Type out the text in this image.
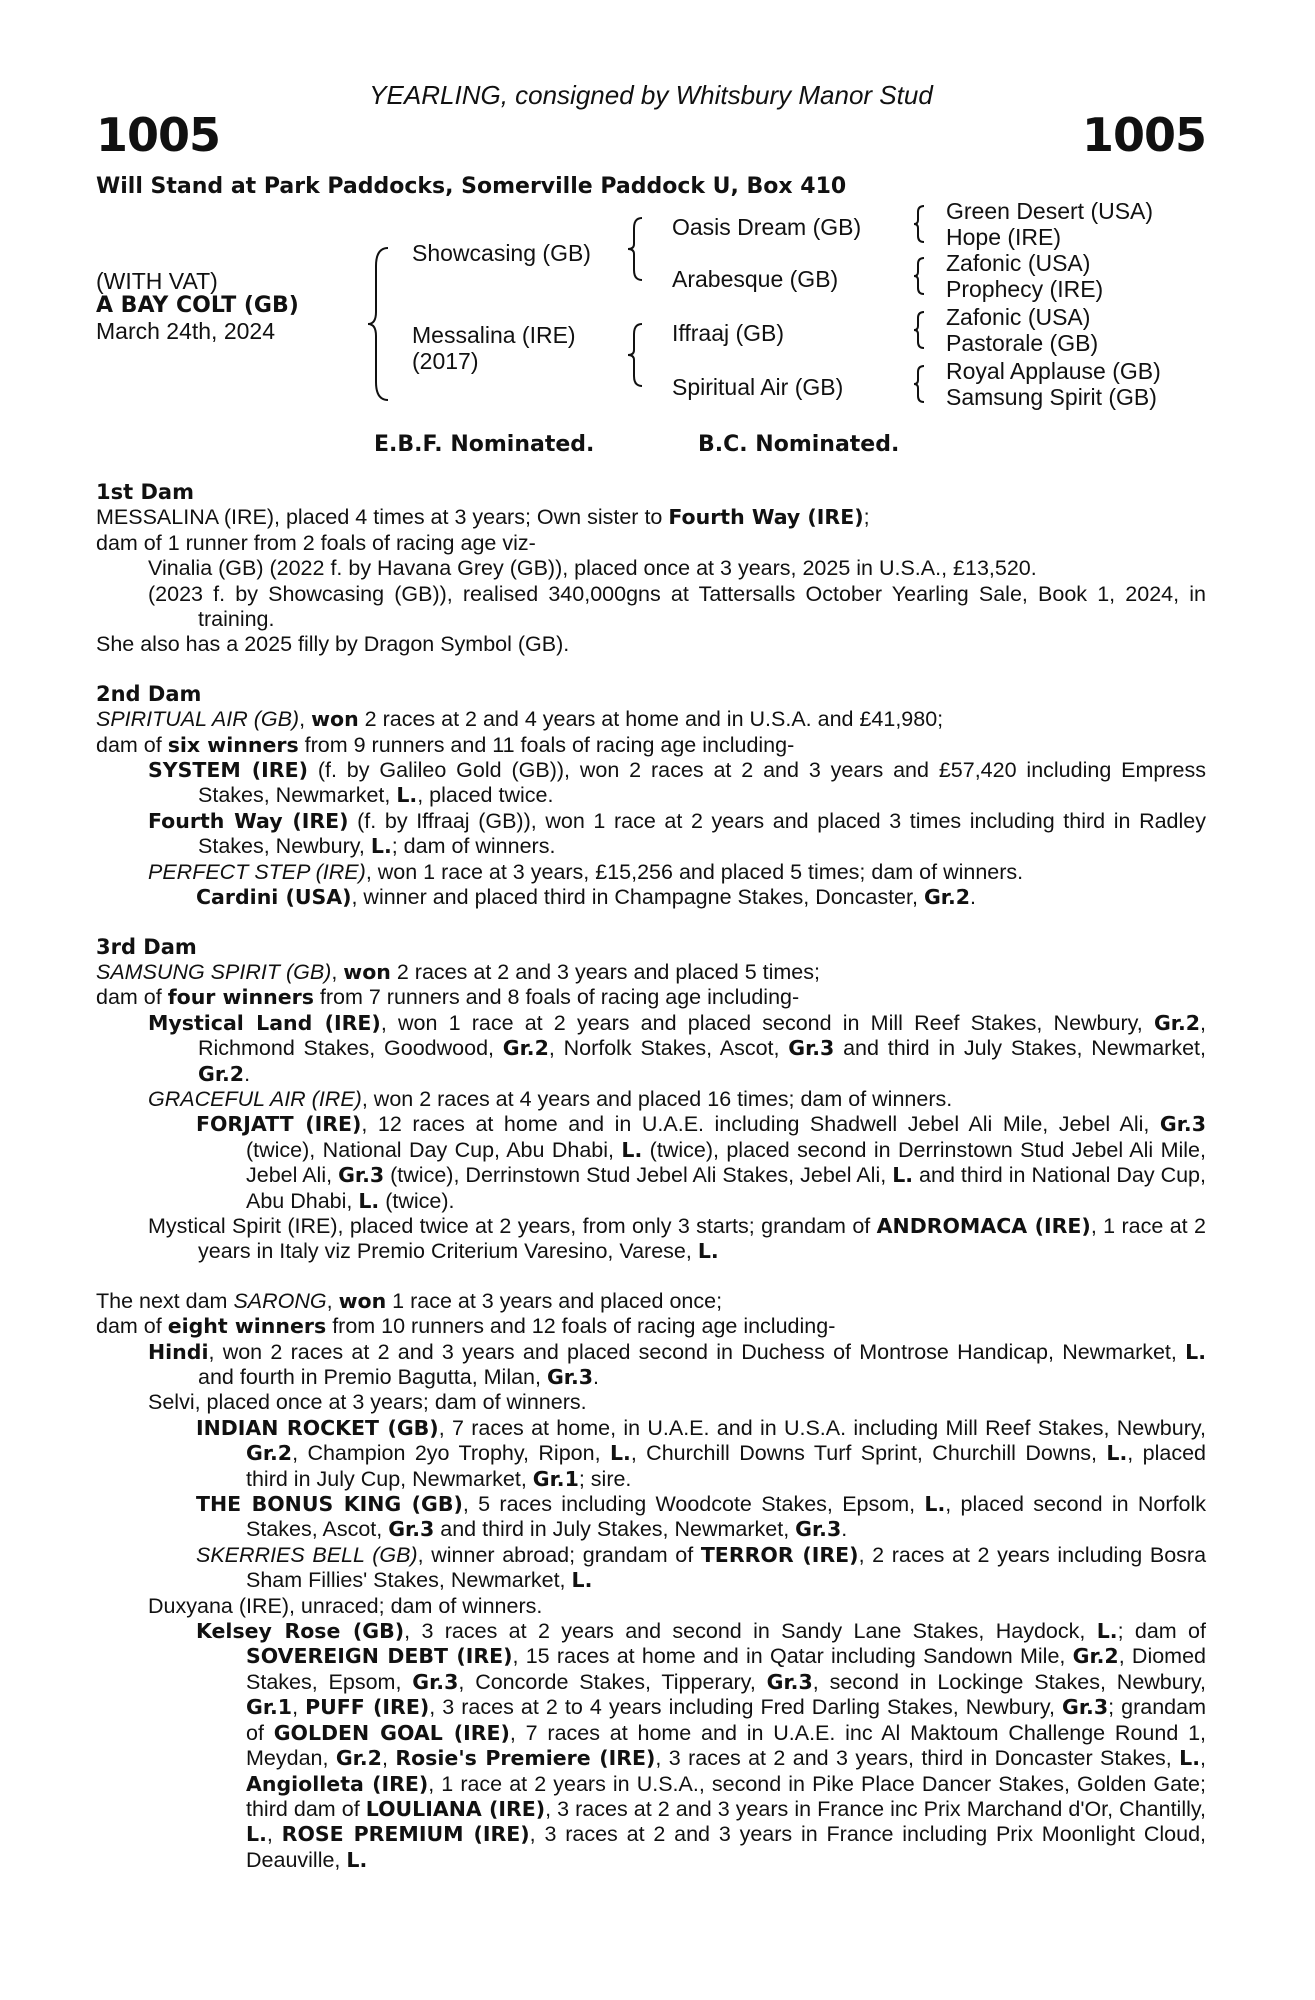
YEARLING, consigned by Whitsbury Manor Stud
1005	1005
Will Stand at Park Paddocks, Somerville Paddock U, Box 410
(WITH VAT)
A BAY COLT (GB)
March 24th, 2024
Showcasing (GB)
Messalina (IRE)
(2017)
Oasis Dream (GB)
Arabesque (GB)
Iffraaj (GB)
Spiritual Air (GB)
Green Desert (USA)
Hope (IRE)
Zafonic (USA)
Prophecy (IRE)
Zafonic (USA)
Pastorale (GB)
Royal Applause (GB)
Samsung Spirit (GB)
E.B.F. Nominated.	B.C. Nominated.

1st Dam

MESSALINA (IRE), placed 4 times at 3 years; Own sister to Fourth Way (IRE);

dam of 1 runner from 2 foals of racing age viz-

Vinalia (GB) (2022 f. by Havana Grey (GB)), placed once at 3 years, 2025 in U.S.A., £13,520.

(2023 f. by Showcasing (GB)), realised 340,000gns at Tattersalls October Yearling Sale, Book 1, 2024, in training.

She also has a 2025 filly by Dragon Symbol (GB).

2nd Dam

SPIRITUAL AIR (GB), won 2 races at 2 and 4 years at home and in U.S.A. and £41,980;

dam of six winners from 9 runners and 11 foals of racing age including-

SYSTEM (IRE) (f. by Galileo Gold (GB)), won 2 races at 2 and 3 years and £57,420 including Empress Stakes, Newmarket, L., placed twice.

Fourth Way (IRE) (f. by Iffraaj (GB)), won 1 race at 2 years and placed 3 times including third in Radley Stakes, Newbury, L.; dam of winners.

PERFECT STEP (IRE), won 1 race at 3 years, £15,256 and placed 5 times; dam of winners.

Cardini (USA), winner and placed third in Champagne Stakes, Doncaster, Gr.2.

3rd Dam

SAMSUNG SPIRIT (GB), won 2 races at 2 and 3 years and placed 5 times;

dam of four winners from 7 runners and 8 foals of racing age including-

Mystical Land (IRE), won 1 race at 2 years and placed second in Mill Reef Stakes, Newbury, Gr.2, Richmond Stakes, Goodwood, Gr.2, Norfolk Stakes, Ascot, Gr.3 and third in July Stakes, Newmarket, Gr.2.

GRACEFUL AIR (IRE), won 2 races at 4 years and placed 16 times; dam of winners.

FORJATT (IRE), 12 races at home and in U.A.E. including Shadwell Jebel Ali Mile, Jebel Ali, Gr.3 (twice), National Day Cup, Abu Dhabi, L. (twice), placed second in Derrinstown Stud Jebel Ali Mile, Jebel Ali, Gr.3 (twice), Derrinstown Stud Jebel Ali Stakes, Jebel Ali, L. and third in National Day Cup, Abu Dhabi, L. (twice).

Mystical Spirit (IRE), placed twice at 2 years, from only 3 starts; grandam of ANDROMACA (IRE), 1 race at 2 years in Italy viz Premio Criterium Varesino, Varese, L.

The next dam SARONG, won 1 race at 3 years and placed once;

dam of eight winners from 10 runners and 12 foals of racing age including-

Hindi, won 2 races at 2 and 3 years and placed second in Duchess of Montrose Handicap, Newmarket, L. and fourth in Premio Bagutta, Milan, Gr.3.

Selvi, placed once at 3 years; dam of winners.

INDIAN ROCKET (GB), 7 races at home, in U.A.E. and in U.S.A. including Mill Reef Stakes, Newbury, Gr.2, Champion 2yo Trophy, Ripon, L., Churchill Downs Turf Sprint, Churchill Downs, L., placed third in July Cup, Newmarket, Gr.1; sire.

THE BONUS KING (GB), 5 races including Woodcote Stakes, Epsom, L., placed second in Norfolk Stakes, Ascot, Gr.3 and third in July Stakes, Newmarket, Gr.3.

SKERRIES BELL (GB), winner abroad; grandam of TERROR (IRE), 2 races at 2 years including Bosra Sham Fillies' Stakes, Newmarket, L.

Duxyana (IRE), unraced; dam of winners.

Kelsey Rose (GB), 3 races at 2 years and second in Sandy Lane Stakes, Haydock, L.; dam of SOVEREIGN DEBT (IRE), 15 races at home and in Qatar including Sandown Mile, Gr.2, Diomed Stakes, Epsom, Gr.3, Concorde Stakes, Tipperary, Gr.3, second in Lockinge Stakes, Newbury, Gr.1, PUFF (IRE), 3 races at 2 to 4 years including Fred Darling Stakes, Newbury, Gr.3; grandam of GOLDEN GOAL (IRE), 7 races at home and in U.A.E. inc Al Maktoum Challenge Round 1, Meydan, Gr.2, Rosie's Premiere (IRE), 3 races at 2 and 3 years, third in Doncaster Stakes, L., Angiolleta (IRE), 1 race at 2 years in U.S.A., second in Pike Place Dancer Stakes, Golden Gate; third dam of LOULIANA (IRE), 3 races at 2 and 3 years in France inc Prix Marchand d'Or, Chantilly, L., ROSE PREMIUM (IRE), 3 races at 2 and 3 years in France including Prix Moonlight Cloud, Deauville, L.
